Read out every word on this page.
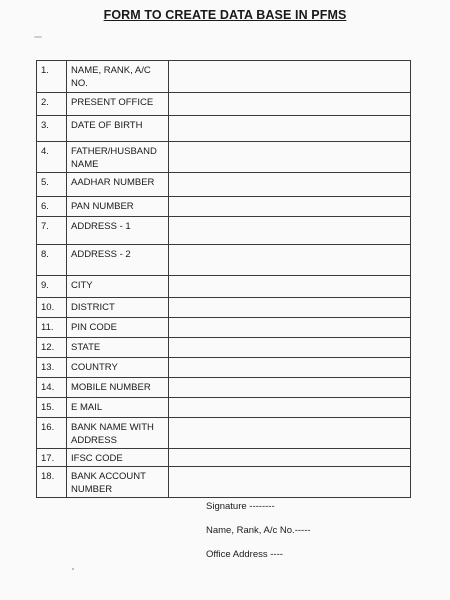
FORM TO CREATE DATA BASE IN PFMS
1.	NAME, RANK, A/C NO.	
2.	PRESENT OFFICE	
3.	DATE OF BIRTH	
4.	FATHER/HUSBAND NAME	
5.	AADHAR NUMBER	
6.	PAN NUMBER	
7.	ADDRESS - 1	
8.	ADDRESS - 2	
9.	CITY	
10.	DISTRICT	
11.	PIN CODE	
12.	STATE	
13.	COUNTRY	
14.	MOBILE NUMBER	
15.	E MAIL	
16.	BANK NAME WITH ADDRESS	
17.	IFSC CODE	
18.	BANK ACCOUNT NUMBER	
Signature --------
Name, Rank, A/c No.-----
Office Address ----
